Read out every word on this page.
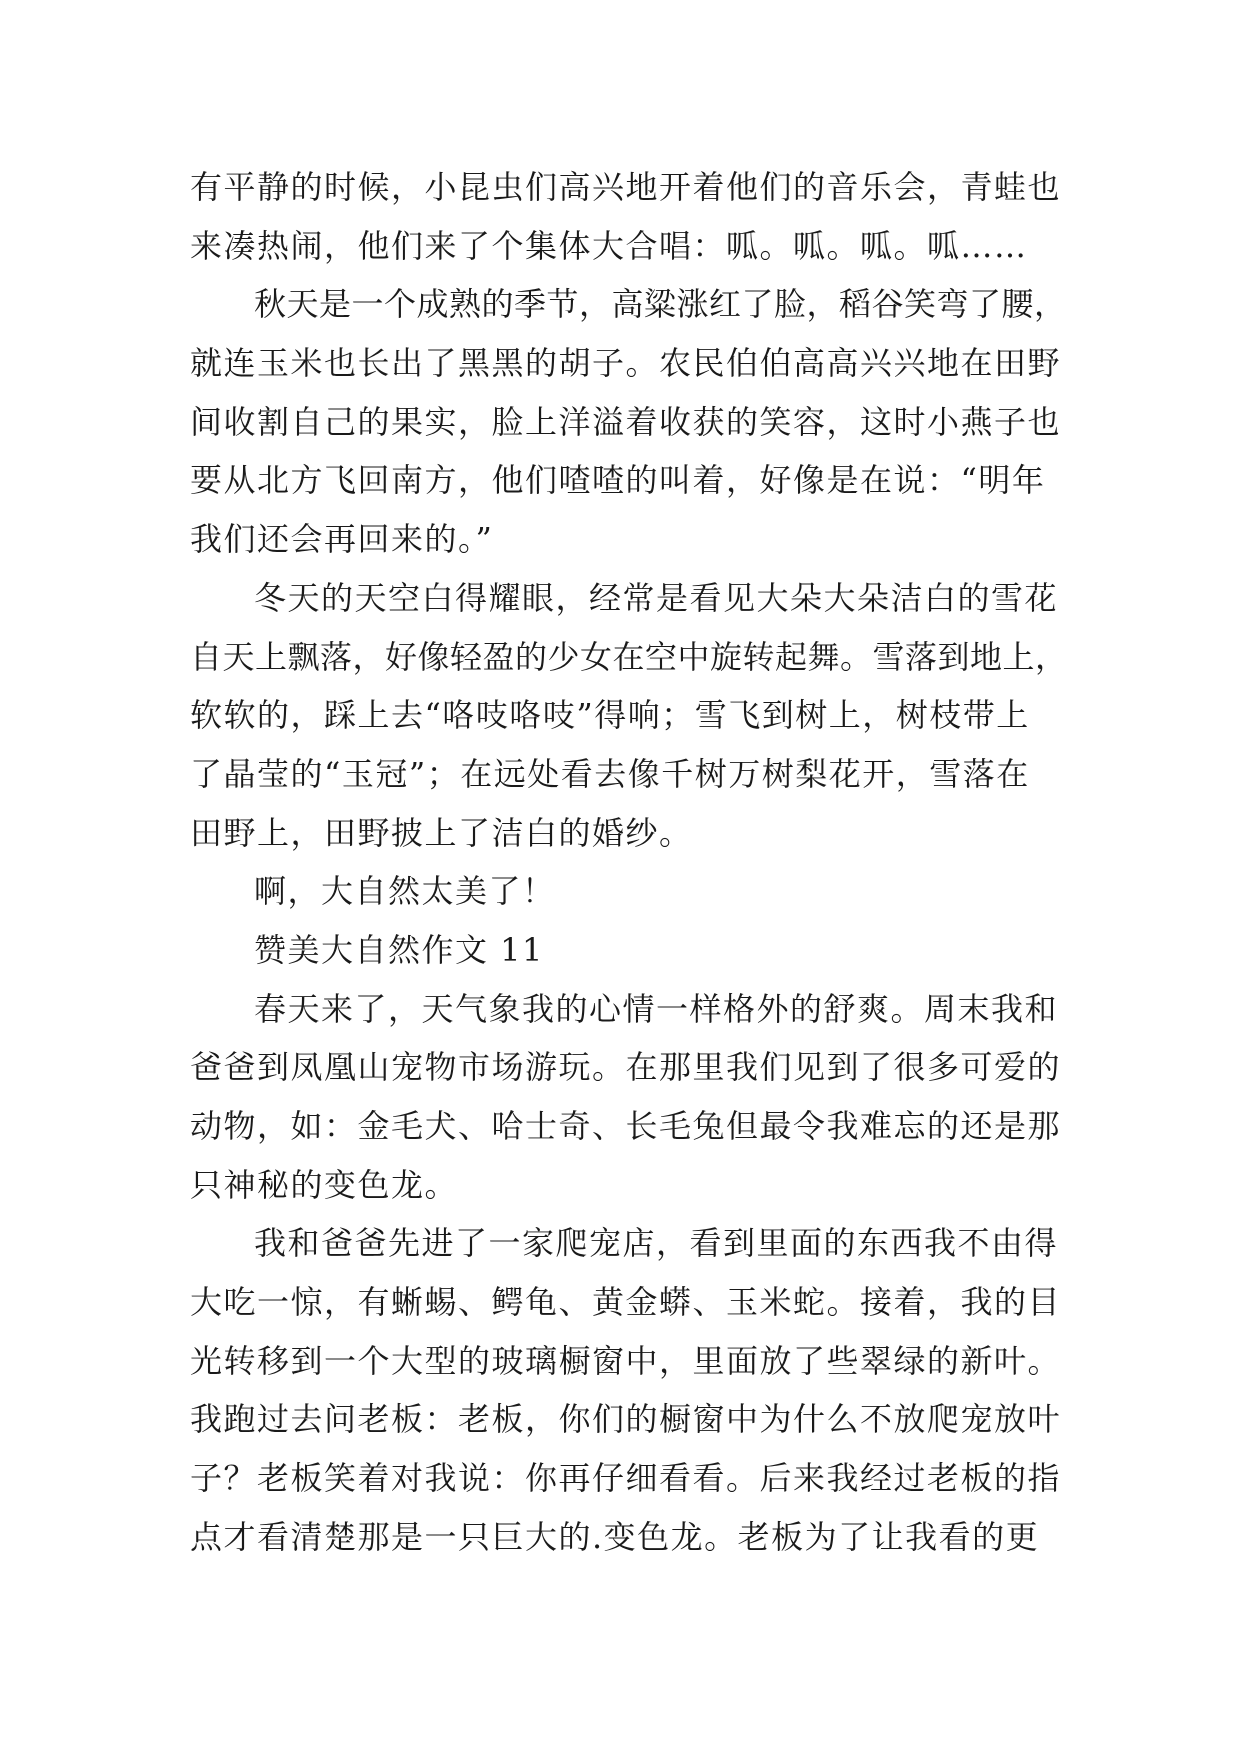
有平静的时候，小昆虫们高兴地开着他们的音乐会，青蛙也
来凑热闹，他们来了个集体大合唱：呱。呱。呱。呱……
秋天是一个成熟的季节，高粱涨红了脸，稻谷笑弯了腰，
就连玉米也长出了黑黑的胡子。农民伯伯高高兴兴地在田野
间收割自己的果实，脸上洋溢着收获的笑容，这时小燕子也
要从北方飞回南方，他们喳喳的叫着，好像是在说：“明年
我们还会再回来的。”
冬天的天空白得耀眼，经常是看见大朵大朵洁白的雪花
自天上飘落，好像轻盈的少女在空中旋转起舞。雪落到地上，
软软的，踩上去“咯吱咯吱”得响；雪飞到树上，树枝带上
了晶莹的“玉冠”；在远处看去像千树万树梨花开，雪落在
田野上，田野披上了洁白的婚纱。
啊，大自然太美了！
赞美大自然作文 11
春天来了，天气象我的心情一样格外的舒爽。周末我和
爸爸到凤凰山宠物市场游玩。在那里我们见到了很多可爱的
动物，如：金毛犬、哈士奇、长毛兔但最令我难忘的还是那
只神秘的变色龙。
我和爸爸先进了一家爬宠店，看到里面的东西我不由得
大吃一惊，有蜥蜴、鳄龟、黄金蟒、玉米蛇。接着，我的目
光转移到一个大型的玻璃橱窗中，里面放了些翠绿的新叶。
我跑过去问老板：老板，你们的橱窗中为什么不放爬宠放叶
子？老板笑着对我说：你再仔细看看。后来我经过老板的指
点才看清楚那是一只巨大的.变色龙。老板为了让我看的更
